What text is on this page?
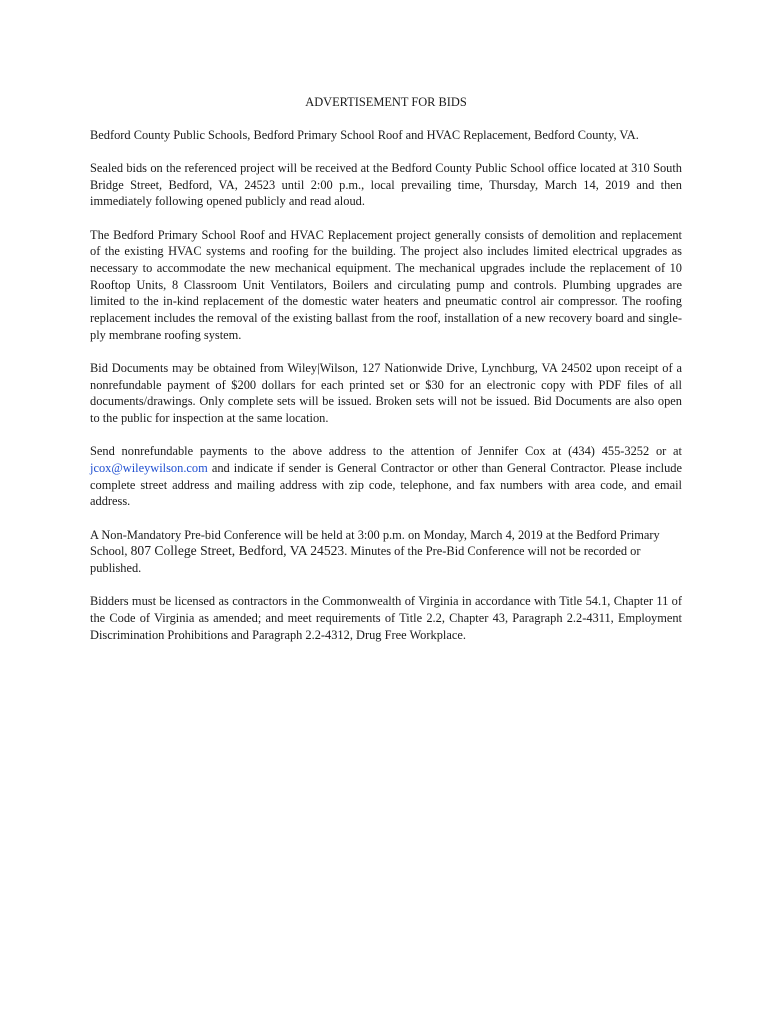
ADVERTISEMENT FOR BIDS

Bedford County Public Schools, Bedford Primary School Roof and HVAC Replacement, Bedford County, VA.

Sealed bids on the referenced project will be received at the Bedford County Public School office located at 310 South Bridge Street, Bedford, VA, 24523 until 2:00 p.m., local prevailing time, Thursday, March 14, 2019 and then immediately following opened publicly and read aloud.

The Bedford Primary School Roof and HVAC Replacement project generally consists of demolition and replacement of the existing HVAC systems and roofing for the building. The project also includes limited electrical upgrades as necessary to accommodate the new mechanical equipment. The mechanical upgrades include the replacement of 10 Rooftop Units, 8 Classroom Unit Ventilators, Boilers and circulating pump and controls. Plumbing upgrades are limited to the in-kind replacement of the domestic water heaters and pneumatic control air compressor. The roofing replacement includes the removal of the existing ballast from the roof, installation of a new recovery board and single-ply membrane roofing system.

Bid Documents may be obtained from Wiley|Wilson, 127 Nationwide Drive, Lynchburg, VA 24502 upon receipt of a nonrefundable payment of $200 dollars for each printed set or $30 for an electronic copy with PDF files of all documents/drawings. Only complete sets will be issued. Broken sets will not be issued. Bid Documents are also open to the public for inspection at the same location.

Send nonrefundable payments to the above address to the attention of Jennifer Cox at (434) 455-3252 or at jcox@wileywilson.com and indicate if sender is General Contractor or other than General Contractor. Please include complete street address and mailing address with zip code, telephone, and fax numbers with area code, and email address.

A Non-Mandatory Pre-bid Conference will be held at 3:00 p.m. on Monday, March 4, 2019 at the Bedford Primary School, 807 College Street, Bedford, VA 24523. Minutes of the Pre-Bid Conference will not be recorded or published.

Bidders must be licensed as contractors in the Commonwealth of Virginia in accordance with Title 54.1, Chapter 11 of the Code of Virginia as amended; and meet requirements of Title 2.2, Chapter 43, Paragraph 2.2-4311, Employment Discrimination Prohibitions and Paragraph 2.2-4312, Drug Free Workplace.
